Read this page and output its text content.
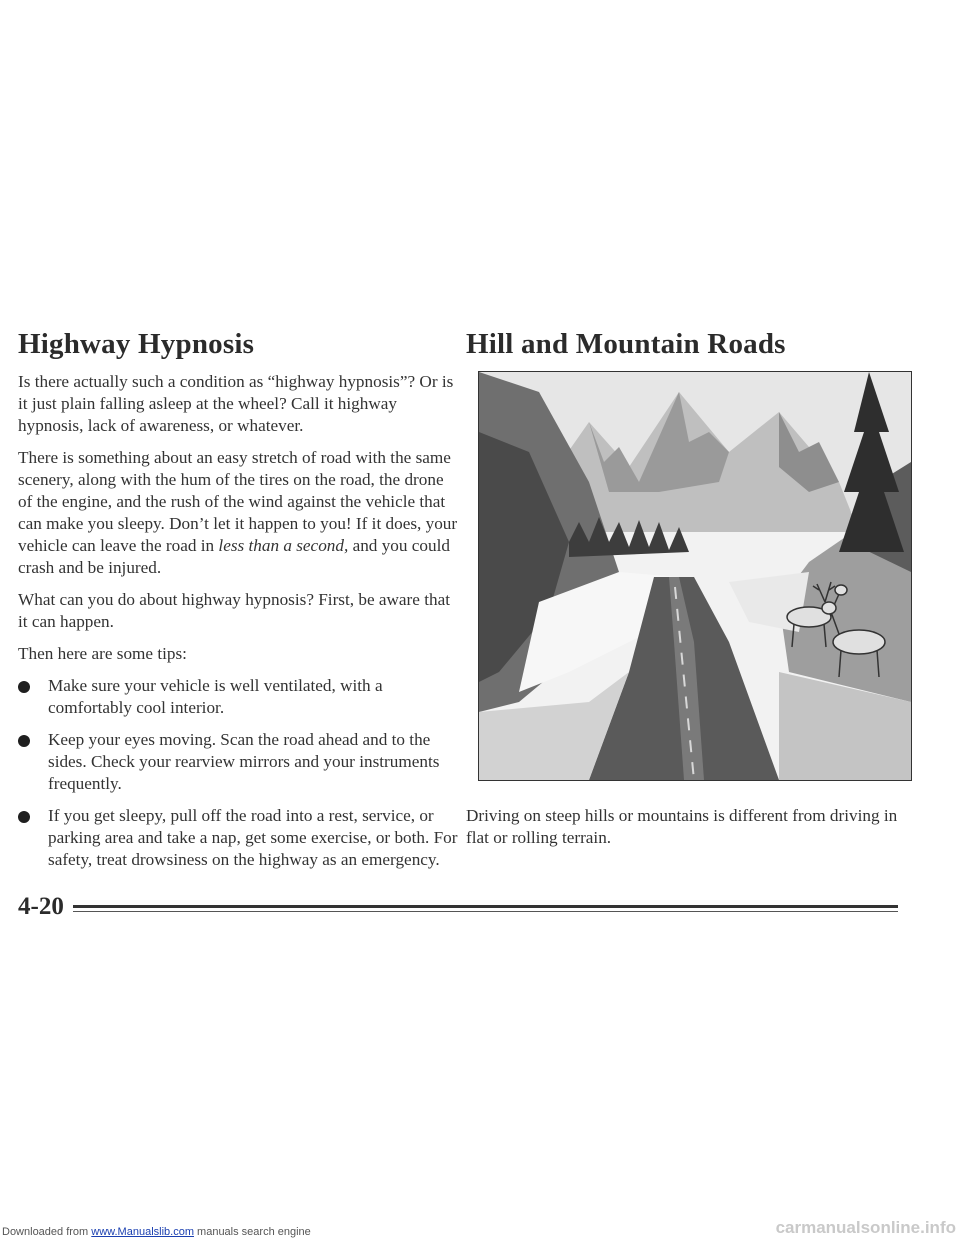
Highway Hypnosis

Is there actually such a condition as “highway hypnosis”? Or is it just plain falling asleep at the wheel? Call it highway hypnosis, lack of awareness, or whatever.

There is something about an easy stretch of road with the same scenery, along with the hum of the tires on the road, the drone of the engine, and the rush of the wind against the vehicle that can make you sleepy. Don’t let it happen to you! If it does, your vehicle can leave the road in less than a second, and you could crash and be injured.

What can you do about highway hypnosis? First, be aware that it can happen.

Then here are some tips:

Make sure your vehicle is well ventilated, with a comfortably cool interior.
Keep your eyes moving. Scan the road ahead and to the sides. Check your rearview mirrors and your instruments frequently.
If you get sleepy, pull off the road into a rest, service, or parking area and take a nap, get some exercise, or both. For safety, treat drowsiness on the highway as an emergency.
Hill and Mountain Roads

Driving on steep hills or mountains is different from driving in flat or rolling terrain.

4-20
Downloaded from www.Manualslib.com manuals search engine	carmanualsonline.info
